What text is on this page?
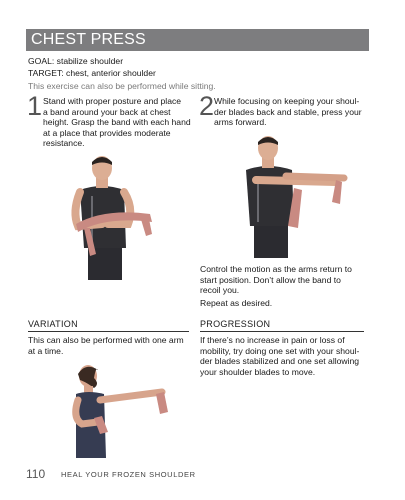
CHEST PRESS
GOAL: stabilize shoulder
TARGET: chest, anterior shoulder
This exercise can also be performed while sitting.
1 Stand with proper posture and place
a band around your back at chest
height. Grasp the band with each hand
at a place that provides moderate
resistance.
2 While focusing on keeping your shoul-
der blades back and stable, press your
arms forward.
Control the motion as the arms return to
start position. Don’t allow the band to
recoil you.
Repeat as desired.
VARIATION
This can also be performed with one arm
at a time.
PROGRESSION
If there’s no increase in pain or loss of
mobility, try doing one set with your shoul-
der blades stabilized and one set allowing
your shoulder blades to move.
110 HEAL YOUR FROZEN SHOULDER
